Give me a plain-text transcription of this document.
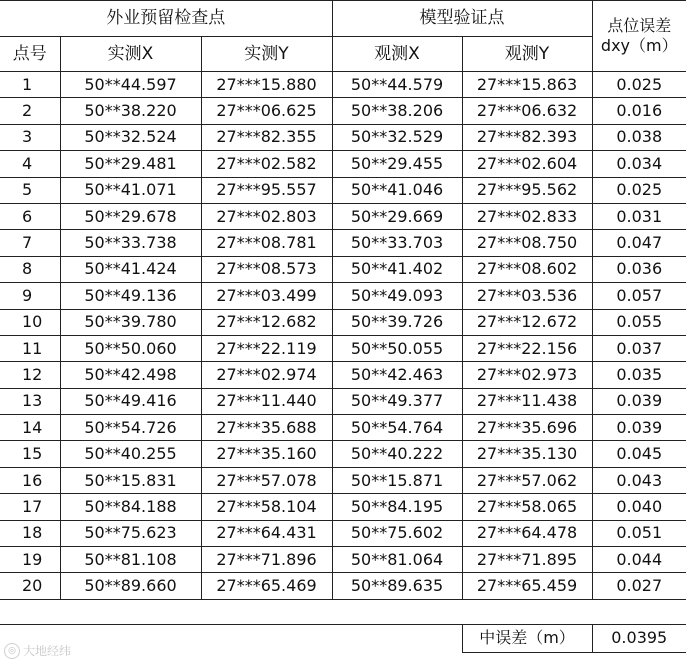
外业预留检查点			模型验证点		点位误差
dxy（m）
点号	实测X	实测Y	观测X	观测Y	
1	50**44.597	27***15.880	50**44.579	27***15.863	0.025
2	50**38.220	27***06.625	50**38.206	27***06.632	0.016
3	50**32.524	27***82.355	50**32.529	27***82.393	0.038
4	50**29.481	27***02.582	50**29.455	27***02.604	0.034
5	50**41.071	27***95.557	50**41.046	27***95.562	0.025
6	50**29.678	27***02.803	50**29.669	27***02.833	0.031
7	50**33.738	27***08.781	50**33.703	27***08.750	0.047
8	50**41.424	27***08.573	50**41.402	27***08.602	0.036
9	50**49.136	27***03.499	50**49.093	27***03.536	0.057
10	50**39.780	27***12.682	50**39.726	27***12.672	0.055
11	50**50.060	27***22.119	50**50.055	27***22.156	0.037
12	50**42.498	27***02.974	50**42.463	27***02.973	0.035
13	50**49.416	27***11.440	50**49.377	27***11.438	0.039
14	50**54.726	27***35.688	50**54.764	27***35.696	0.039
15	50**40.255	27***35.160	50**40.222	27***35.130	0.045
16	50**15.831	27***57.078	50**15.871	27***57.062	0.043
17	50**84.188	27***58.104	50**84.195	27***58.065	0.040
18	50**75.623	27***64.431	50**75.602	27***64.478	0.051
19	50**81.108	27***71.896	50**81.064	27***71.895	0.044
20	50**89.660	27***65.469	50**89.635	27***65.459	0.027

				中误差（m）	0.0395
◎ 大地经纬
